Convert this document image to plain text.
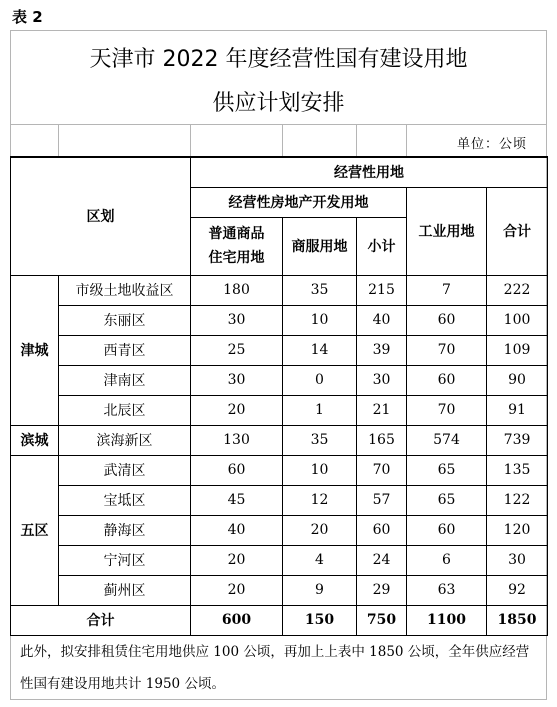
表 2
天津市 2022 年度经营性国有建设用地
供应计划安排
单位：公顷
区划		经营性用地				
		经营性房地产开发用地			工业用地	合计

		普通商品
住宅用地	商服用地	小计		
津城	市级土地收益区	180	35	215	7	222
	东丽区	30	10	40	60	100
	西青区	25	14	39	70	109
	津南区	30	0	30	60	90
	北辰区	20	1	21	70	91
滨城	滨海新区	130	35	165	574	739
五区	武清区	60	10	70	65	135
	宝坻区	45	12	57	65	122
	静海区	40	20	60	60	120
	宁河区	20	4	24	6	30
	蓟州区	20	9	29	63	92
合计		600	150	750	1100	1850
此外，拟安排租赁住宅用地供应 100 公顷，再加上上表中 1850 公顷，全年供应经营性国有建设用地共计 1950 公顷。
